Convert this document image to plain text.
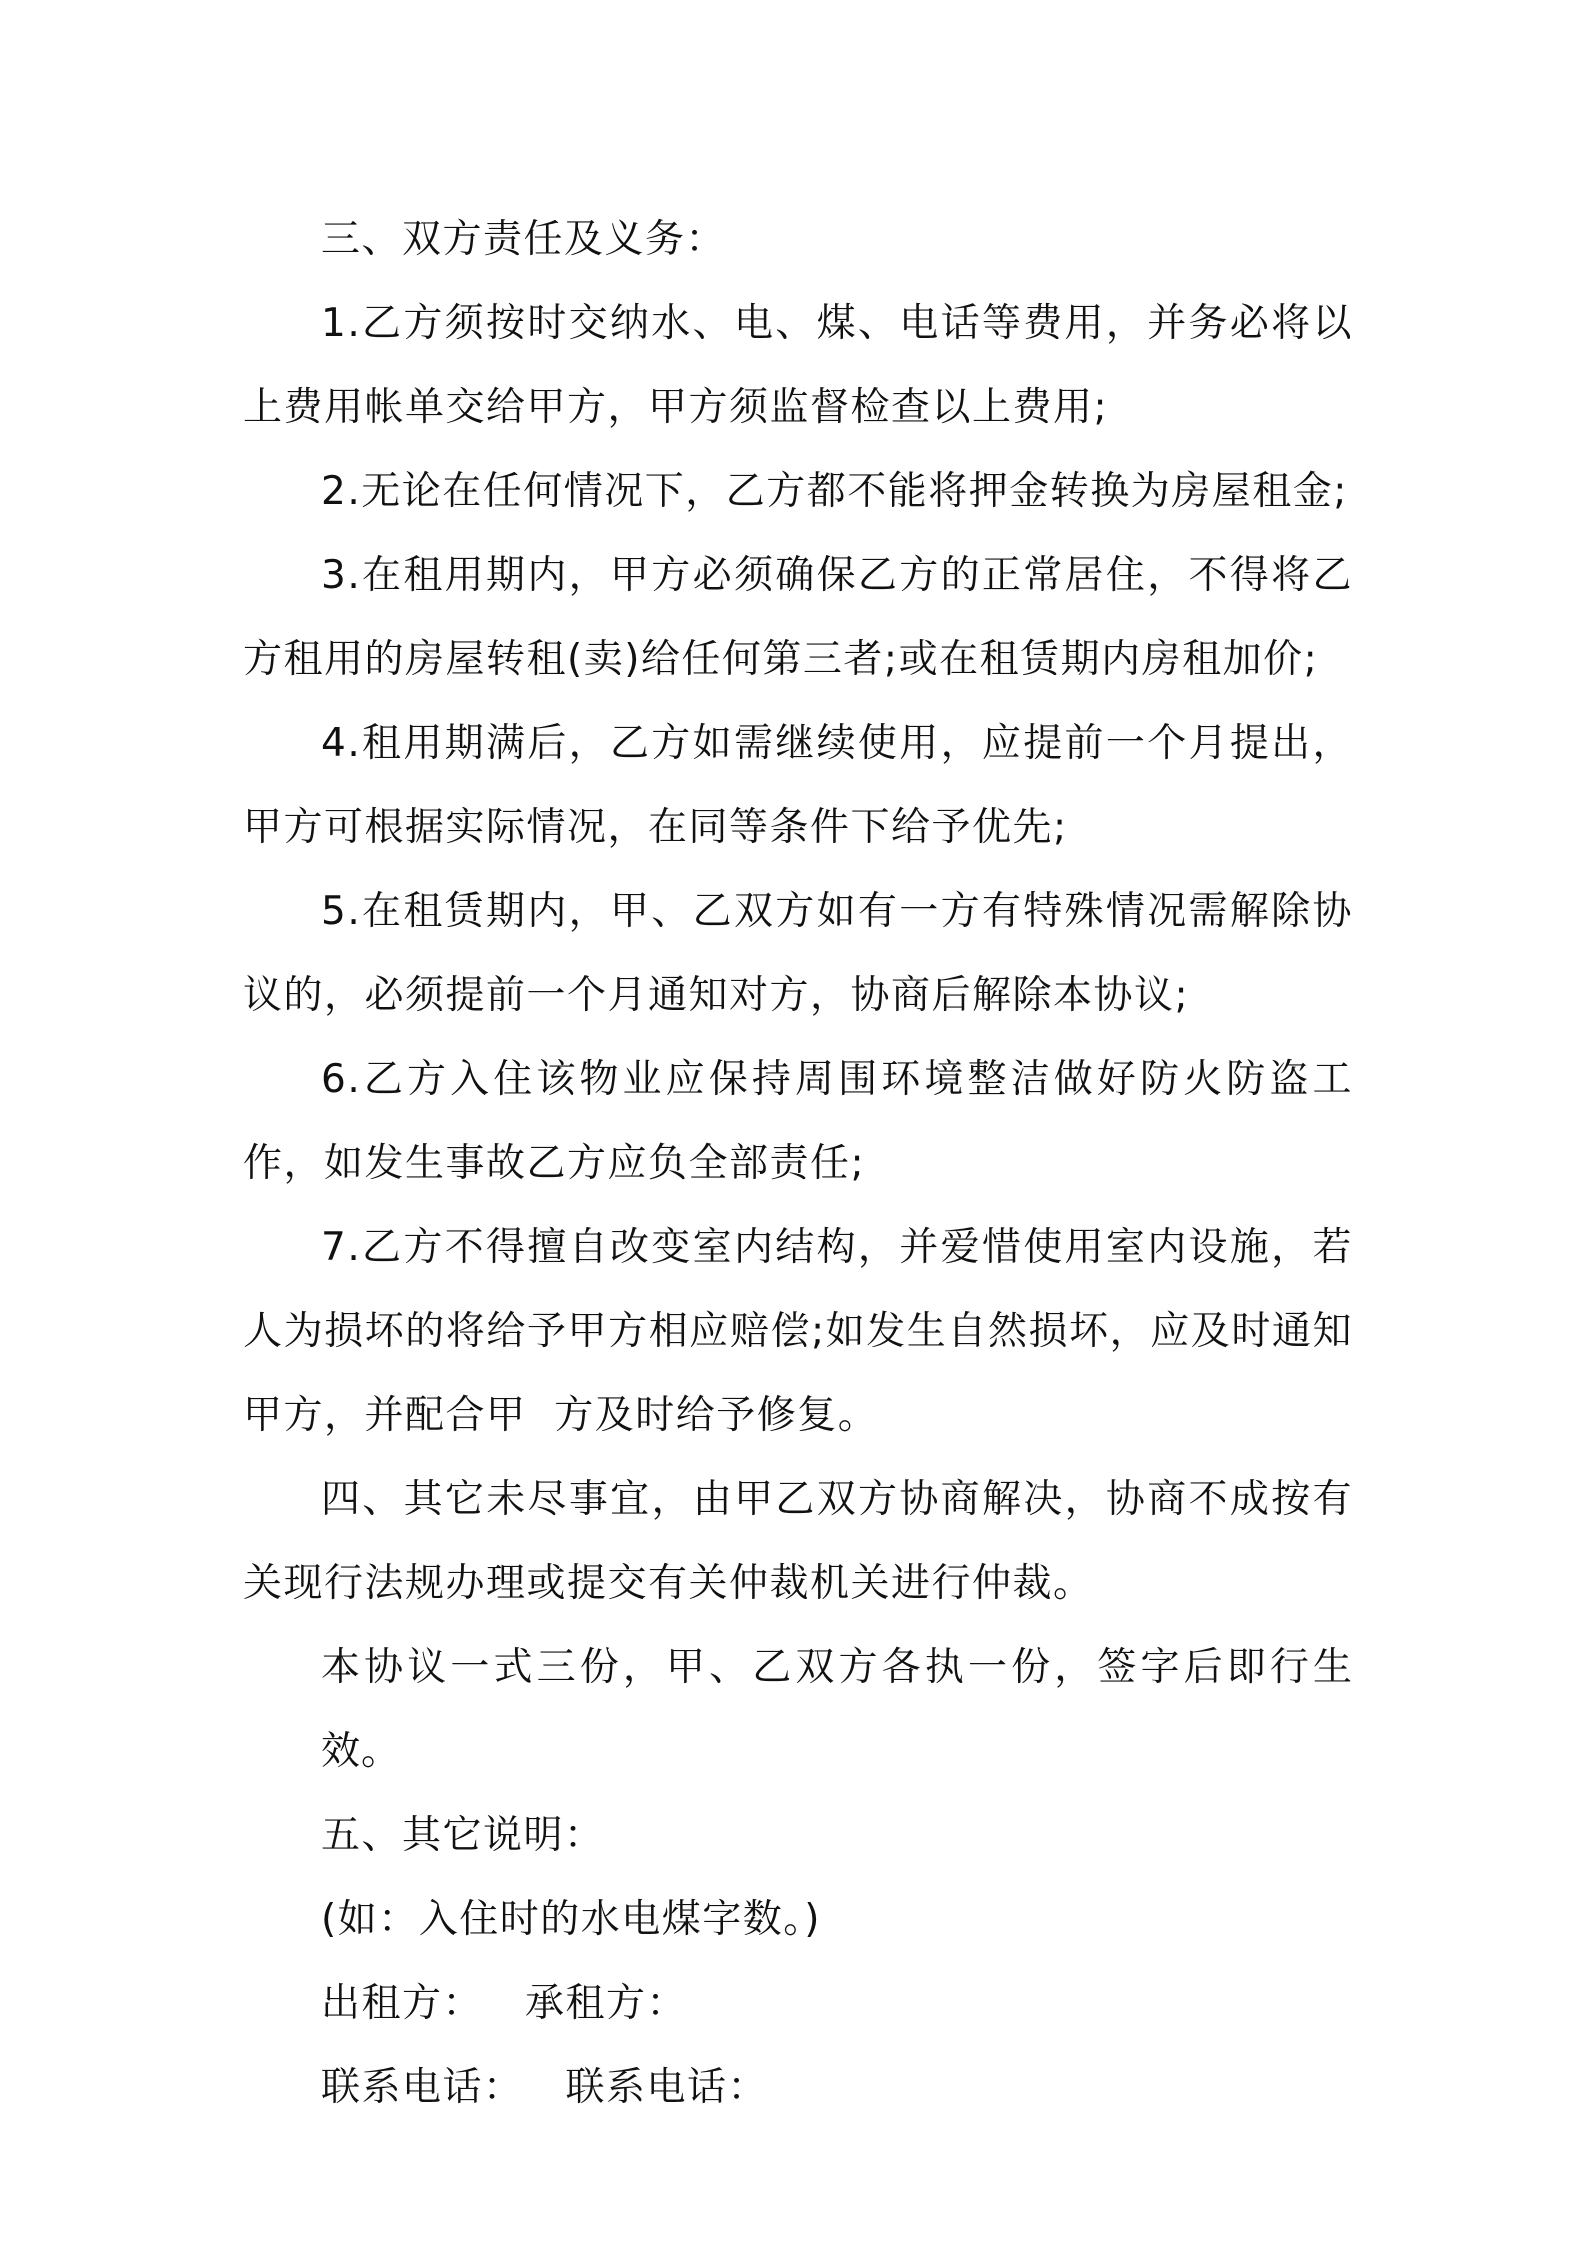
三、双方责任及义务：

1.乙方须按时交纳水、电、煤、电话等费用，并务必将以上费用帐单交给甲方，甲方须监督检查以上费用;

2.无论在任何情况下，乙方都不能将押金转换为房屋租金;

3.在租用期内，甲方必须确保乙方的正常居住，不得将乙方租用的房屋转租(卖)给任何第三者;或在租赁期内房租加价;

4.租用期满后，乙方如需继续使用，应提前一个月提出，甲方可根据实际情况，在同等条件下给予优先;

5.在租赁期内，甲、乙双方如有一方有特殊情况需解除协议的，必须提前一个月通知对方，协商后解除本协议;

6.乙方入住该物业应保持周围环境整洁做好防火防盗工作，如发生事故乙方应负全部责任;

7.乙方不得擅自改变室内结构，并爱惜使用室内设施，若人为损坏的将给予甲方相应赔偿;如发生自然损坏，应及时通知甲方，并配合甲  方及时给予修复。

四、其它未尽事宜，由甲乙双方协商解决，协商不成按有关现行法规办理或提交有关仲裁机关进行仲裁。

本协议一式三份，甲、乙双方各执一份，签字后即行生效。

五、其它说明：

(如：入住时的水电煤字数。)

出租方： 承租方：

联系电话： 联系电话：
